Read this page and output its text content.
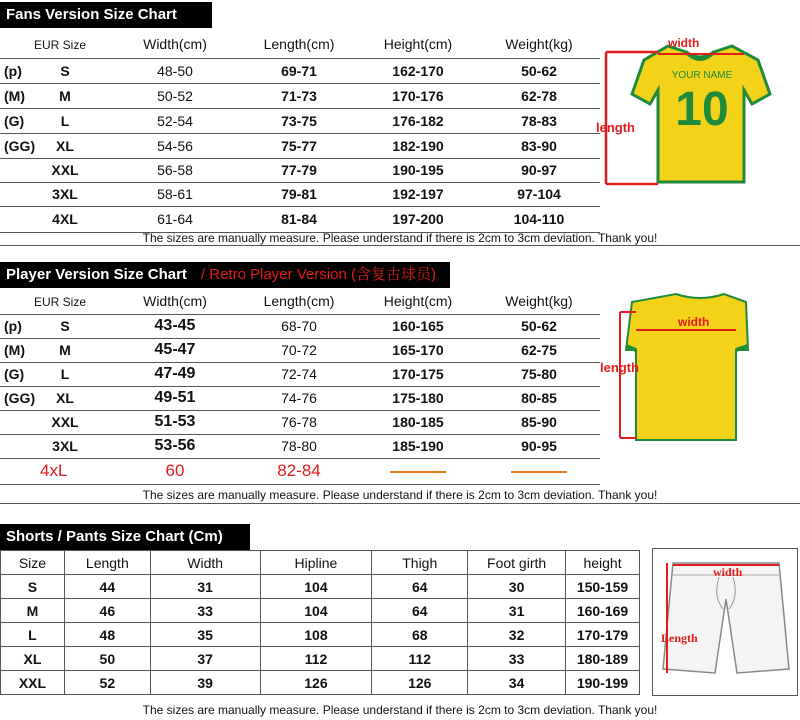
Fans Version Size Chart
EUR Size	Width(cm)	Length(cm)	Height(cm)	Weight(kg)
(p) S	48-50	69-71	162-170	50-62
(M) M	50-52	71-73	170-176	62-78
(G) L	52-54	73-75	176-182	78-83
(GG) XL	54-56	75-77	182-190	83-90
XXL	56-58	77-79	190-195	90-97
3XL	58-61	79-81	192-197	97-104
4XL	61-64	81-84	197-200	104-110
The sizes are manually measure. Please understand if there is 2cm to 3cm deviation. Thank you!
width
length
YOUR NAME
10
Player Version Size Chart / Retro Player Version (含复古球员)
EUR Size	Width(cm)	Length(cm)	Height(cm)	Weight(kg)
(p) S	43-45	68-70	160-165	50-62
(M) M	45-47	70-72	165-170	62-75
(G) L	47-49	72-74	170-175	75-80
(GG) XL	49-51	74-76	175-180	80-85
XXL	51-53	76-78	180-185	85-90
3XL	53-56	78-80	185-190	90-95
4xL	60	82-84		
The sizes are manually measure. Please understand if there is 2cm to 3cm deviation. Thank you!
width
length
Shorts / Pants Size Chart (Cm)
Size	Length	Width	Hipline	Thigh	Foot girth	height
S	44	31	104	64	30	150-159
M	46	33	104	64	31	160-169
L	48	35	108	68	32	170-179
XL	50	37	112	112	33	180-189
XXL	52	39	126	126	34	190-199
width
Length
The sizes are manually measure. Please understand if there is 2cm to 3cm deviation. Thank you!
